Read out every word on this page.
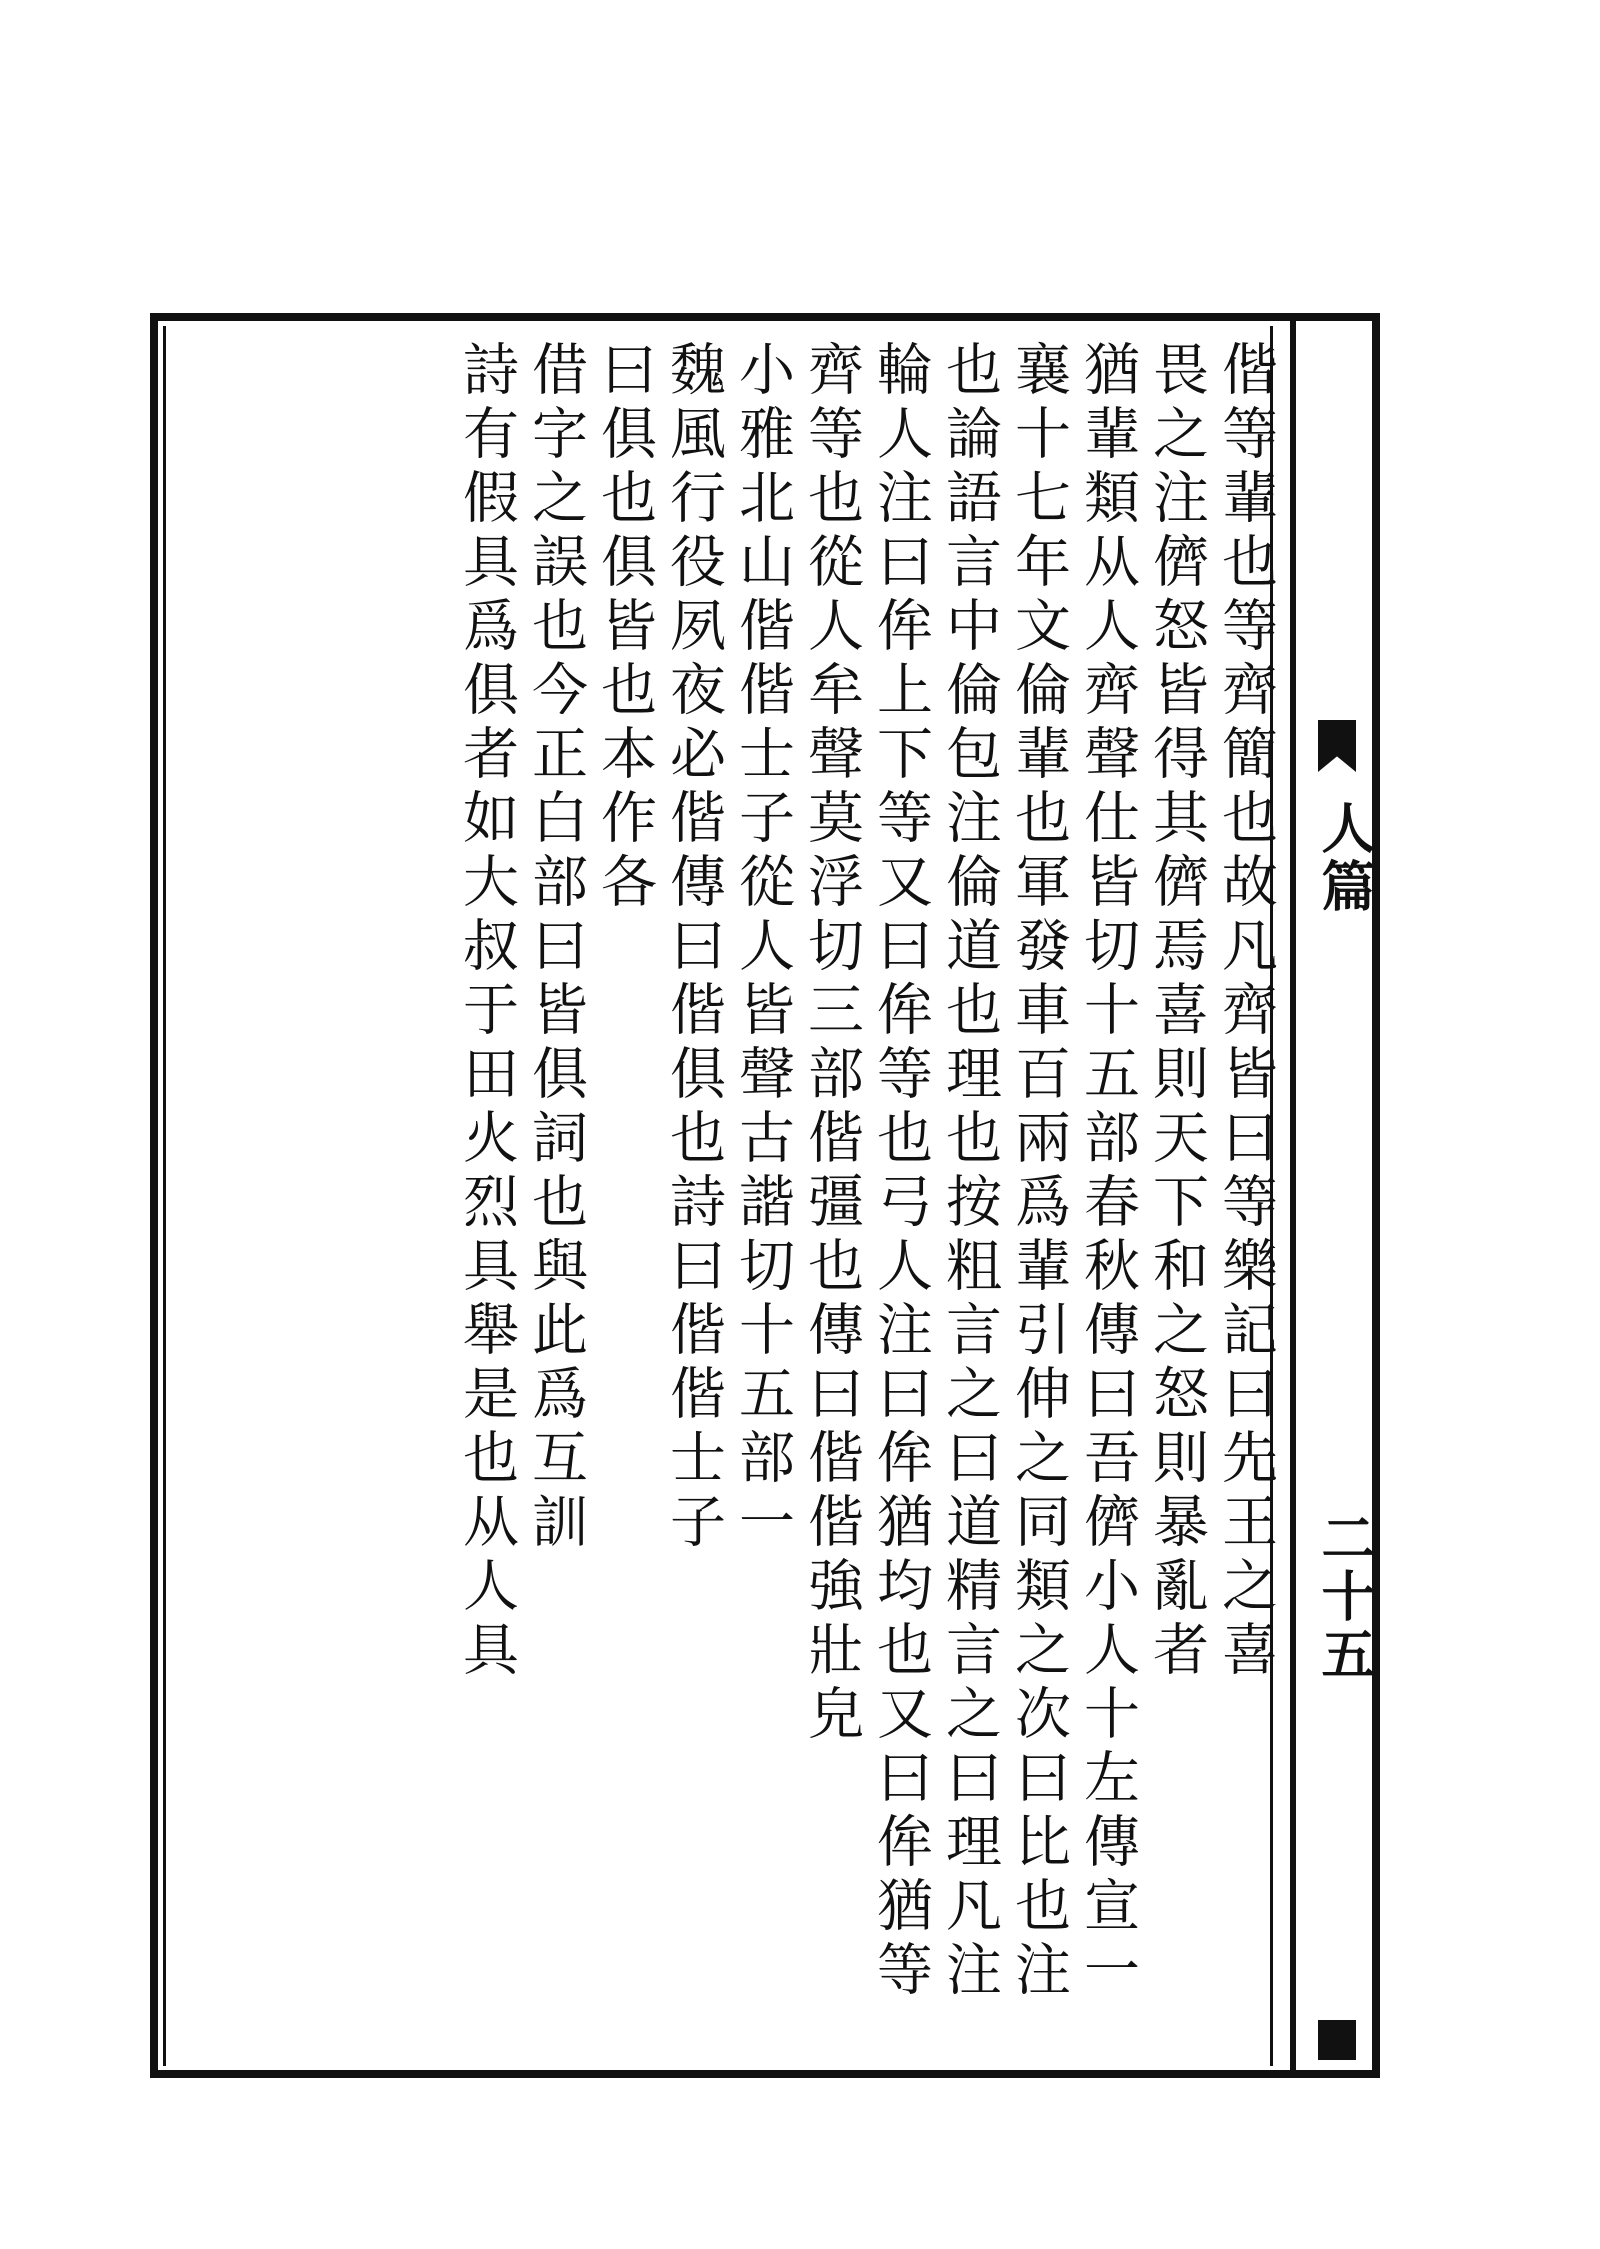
人篇
二十五
偕等輩也等齊簡也故凡齊皆曰等樂記曰先王之喜
畏之注儕怒皆得其儕焉喜則天下和之怒則暴亂者
猶輩類从人齊聲仕皆切十五部春秋傳曰吾儕小人十左傳宣一
襄十七年文倫輩也軍發車百兩爲輩引伸之同類之次曰比也注
也論語言中倫包注倫道也理也按粗言之曰道精言之曰理凡注
輪人注曰侔上下等又曰侔等也弓人注曰侔猶均也又曰侔猶等
齊等也從人牟聲莫浮切三部偕彊也傳曰偕偕強壯皃
小雅北山偕偕士子從人皆聲古諧切十五部一
魏風行役夙夜必偕傳曰偕俱也詩曰偕偕士子
曰俱也俱皆也本作各
借字之誤也今正白部曰皆俱詞也與此爲互訓
詩有假具爲俱者如大叔于田火烈具舉是也从人具
